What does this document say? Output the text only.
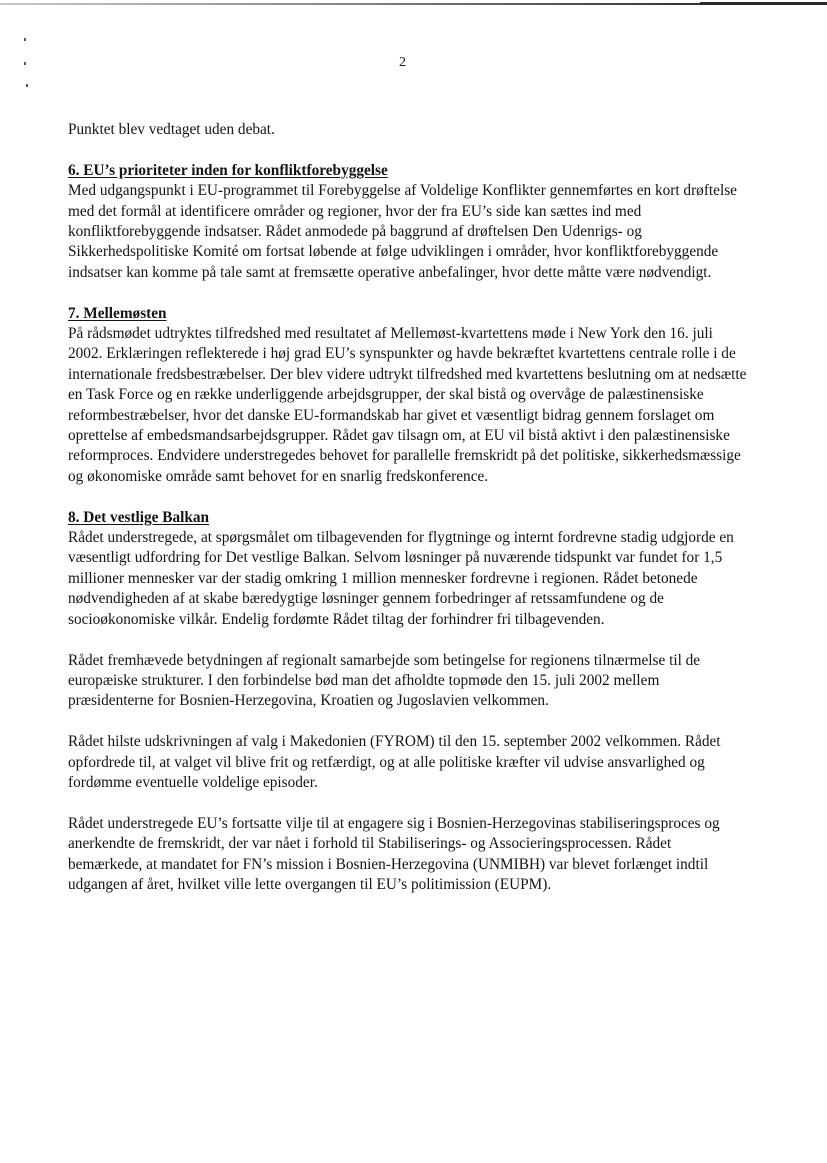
2

Punktet blev vedtaget uden debat.

6. EU’s prioriteter inden for konfliktforebyggelse

Med udgangspunkt i EU-programmet til Forebyggelse af Voldelige Konflikter gennemførtes en kort drøftelse med det formål at identificere områder og regioner, hvor der fra EU’s side kan sættes ind med konfliktforebyggende indsatser. Rådet anmodede på baggrund af drøftelsen Den Udenrigs- og Sikkerhedspolitiske Komité om fortsat løbende at følge udviklingen i områder, hvor konfliktforebyggende indsatser kan komme på tale samt at fremsætte operative anbefalinger, hvor dette måtte være nødvendigt.

7. Mellemøsten

På rådsmødet udtryktes tilfredshed med resultatet af Mellemøst-kvartettens møde i New York den 16. juli 2002. Erklæringen reflekterede i høj grad EU’s synspunkter og havde bekræftet kvartettens centrale rolle i de internationale fredsbestræbelser. Der blev videre udtrykt tilfredshed med kvartettens beslutning om at nedsætte en Task Force og en række underliggende arbejdsgrupper, der skal bistå og overvåge de palæstinensiske reformbestræbelser, hvor det danske EU-formandskab har givet et væsentligt bidrag gennem forslaget om oprettelse af embedsmandsarbejdsgrupper. Rådet gav tilsagn om, at EU vil bistå aktivt i den palæstinensiske reformproces. Endvidere understregedes behovet for parallelle fremskridt på det politiske, sikkerhedsmæssige og økonomiske område samt behovet for en snarlig fredskonference.

8. Det vestlige Balkan

Rådet understregede, at spørgsmålet om tilbagevenden for flygtninge og internt fordrevne stadig udgjorde en væsentligt udfordring for Det vestlige Balkan. Selvom løsninger på nuværende tidspunkt var fundet for 1,5 millioner mennesker var der stadig omkring 1 million mennesker fordrevne i regionen. Rådet betonede nødvendigheden af at skabe bæredygtige løsninger gennem forbedringer af retssamfundene og de socioøkonomiske vilkår. Endelig fordømte Rådet tiltag der forhindrer fri tilbagevenden.

Rådet fremhævede betydningen af regionalt samarbejde som betingelse for regionens tilnærmelse til de europæiske strukturer. I den forbindelse bød man det afholdte topmøde den 15. juli 2002 mellem præsidenterne for Bosnien-Herzegovina, Kroatien og Jugoslavien velkommen.

Rådet hilste udskrivningen af valg i Makedonien (FYROM) til den 15. september 2002 velkommen. Rådet opfordrede til, at valget vil blive frit og retfærdigt, og at alle politiske kræfter vil udvise ansvarlighed og fordømme eventuelle voldelige episoder.

Rådet understregede EU’s fortsatte vilje til at engagere sig i Bosnien-Herzegovinas stabiliseringsproces og anerkendte de fremskridt, der var nået i forhold til Stabiliserings- og Associeringsprocessen. Rådet bemærkede, at mandatet for FN’s mission i Bosnien-Herzegovina (UNMIBH) var blevet forlænget indtil udgangen af året, hvilket ville lette overgangen til EU’s politimission (EUPM).
